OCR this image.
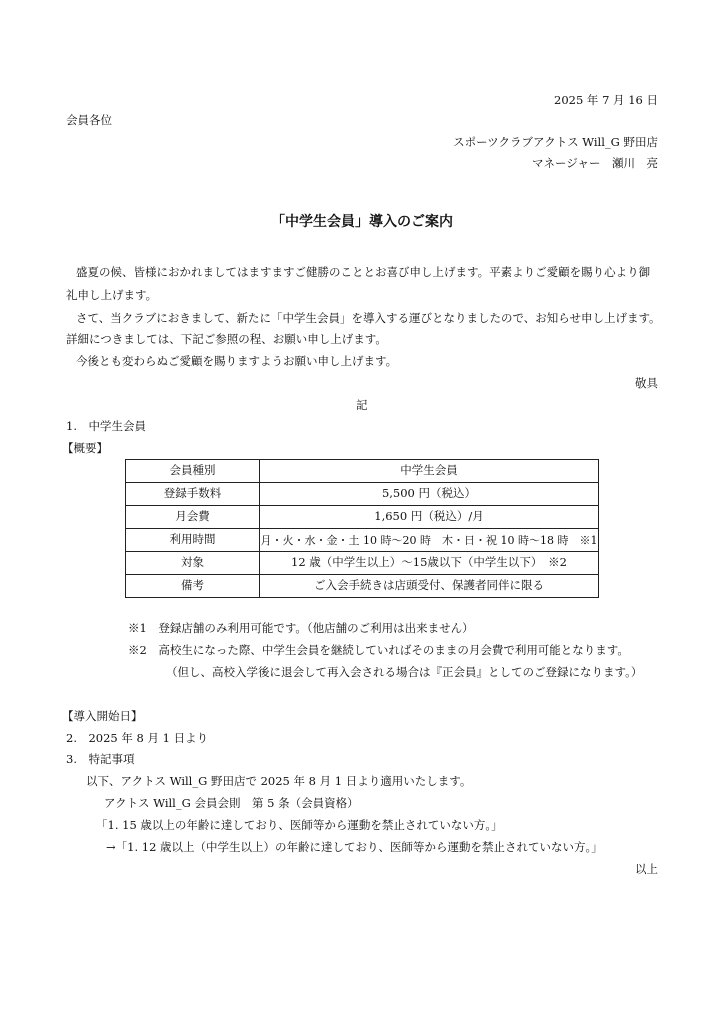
2025 年 7 月 16 日
会員各位
スポーツクラブアクトス Will_G 野田店
マネージャー　瀬川　亮
「中学生会員」導入のご案内
盛夏の候、皆様におかれましてはますますご健勝のこととお喜び申し上げます。平素よりご愛顧を賜り心より御
礼申し上げます。
さて、当クラブにおきまして、新たに「中学生会員」を導入する運びとなりましたので、お知らせ申し上げます。
詳細につきましては、下記ご参照の程、お願い申し上げます。
今後とも変わらぬご愛顧を賜りますようお願い申し上げます。
敬具
記
1.　中学生会員
【概要】
会員種別	中学生会員
登録手数料	5,500 円（税込）
月会費	1,650 円（税込）/月
利用時間	月・火・水・金・土 10 時～20 時　木・日・祝 10 時～18 時　※1
対象	12 歳（中学生以上）～15歳以下（中学生以下）　※2
備考	ご入会手続きは店頭受付、保護者同伴に限る
※1　登録店舗のみ利用可能です。（他店舗のご利用は出来ません）
※2　高校生になった際、中学生会員を継続していればそのままの月会費で利用可能となります。
（但し、高校入学後に退会して再入会される場合は『正会員』としてのご登録になります。）
【導入開始日】
2.　2025 年 8 月 1 日より
3.　特記事項
以下、アクトス Will_G 野田店で 2025 年 8 月 1 日より適用いたします。
アクトス Will_G 会員会則　第 5 条（会員資格）
「1. 15 歳以上の年齢に達しており、医師等から運動を禁止されていない方。」
→「1. 12 歳以上（中学生以上）の年齢に達しており、医師等から運動を禁止されていない方。」
以上
